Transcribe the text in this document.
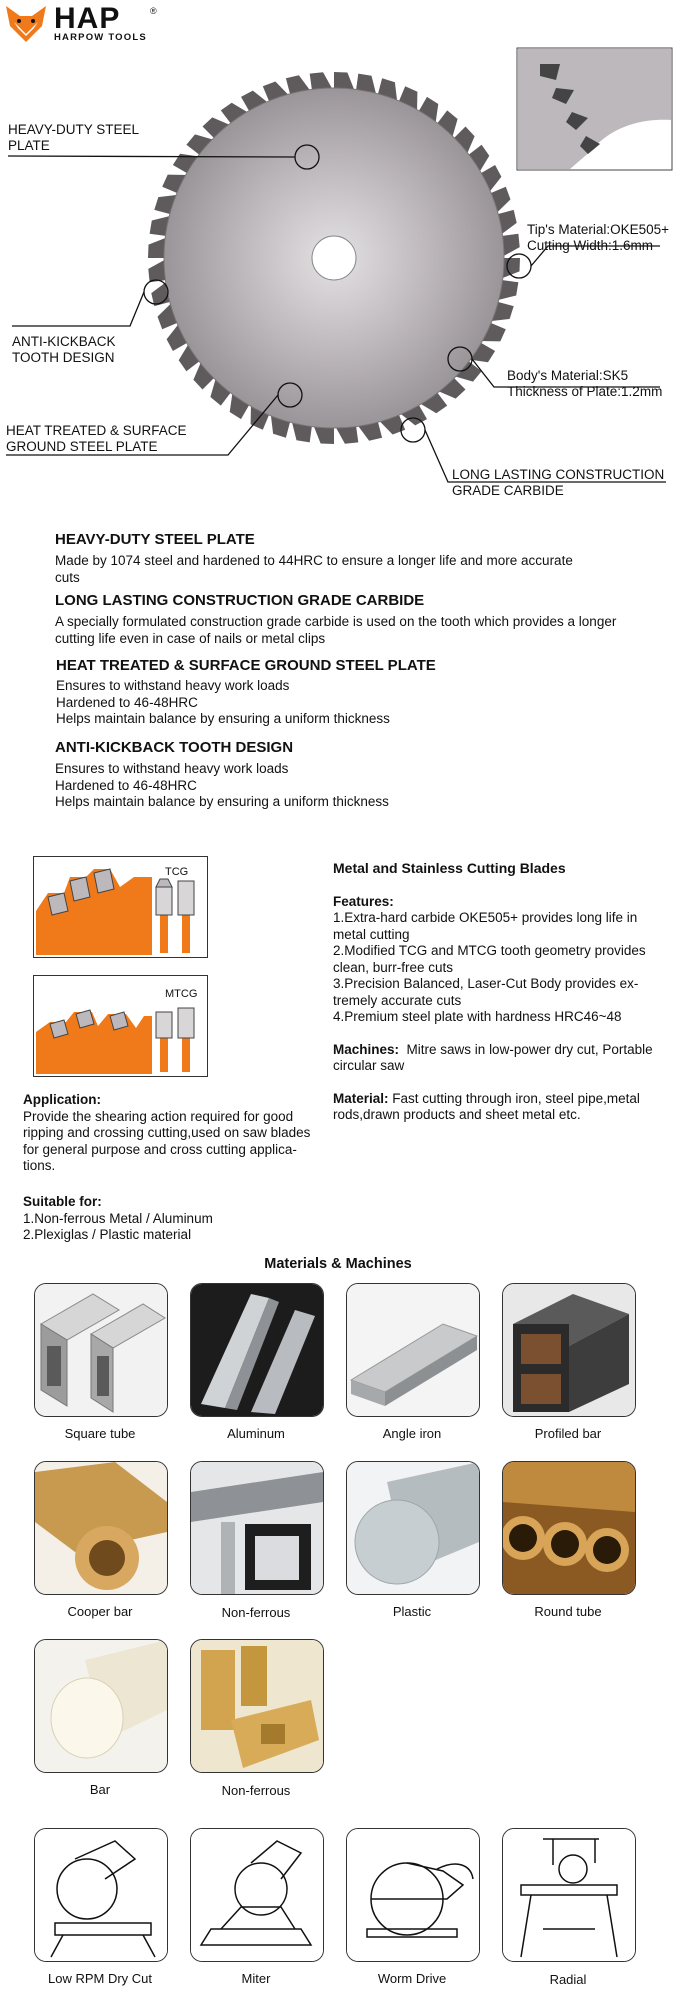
HAP	®
HARPOW TOOLS
HEAVY-DUTY STEEL
PLATE
Tip's Material:OKE505+
Cutting Width:1.6mm
ANTI-KICKBACK
TOOTH DESIGN
Body's Material:SK5
Thickness of Plate:1.2mm
HEAT TREATED & SURFACE
GROUND STEEL PLATE
LONG LASTING CONSTRUCTION
GRADE CARBIDE
HEAVY-DUTY STEEL PLATE
Made by 1074 steel and hardened to 44HRC to ensure a longer life and more accurate
cuts
LONG LASTING CONSTRUCTION GRADE CARBIDE
A specially formulated construction grade carbide is used on the tooth which provides a longer
cutting life even in case of nails or metal clips
HEAT TREATED & SURFACE GROUND STEEL PLATE
Ensures to withstand heavy work loads
Hardened to 46-48HRC
Helps maintain balance by ensuring a uniform thickness
ANTI-KICKBACK TOOTH DESIGN
Ensures to withstand heavy work loads
Hardened to 46-48HRC
Helps maintain balance by ensuring a uniform thickness
TCG
MTCG
Metal and Stainless Cutting Blades
Features:
1.Extra-hard carbide OKE505+ provides long life in
metal cutting
2.Modified TCG and MTCG tooth geometry provides
clean, burr-free cuts
3.Precision Balanced, Laser-Cut Body provides ex-
tremely accurate cuts
4.Premium steel plate with hardness HRC46~48
Machines: Mitre saws in low-power dry cut, Portable
circular saw
Material: Fast cutting through iron, steel pipe,metal
rods,drawn products and sheet metal etc.
Application:
Provide the shearing action required for good
ripping and crossing cutting,used on saw blades
for general purpose and cross cutting applica-
tions.
Suitable for:
1.Non-ferrous Metal / Aluminum
2.Plexiglas / Plastic material
Materials & Machines
Square tube	Aluminum	Angle iron	Profiled bar
Cooper bar	Non-ferrous	Plastic	Round tube
Bar	Non-ferrous
Low RPM Dry Cut	Miter	Worm Drive	Radial
